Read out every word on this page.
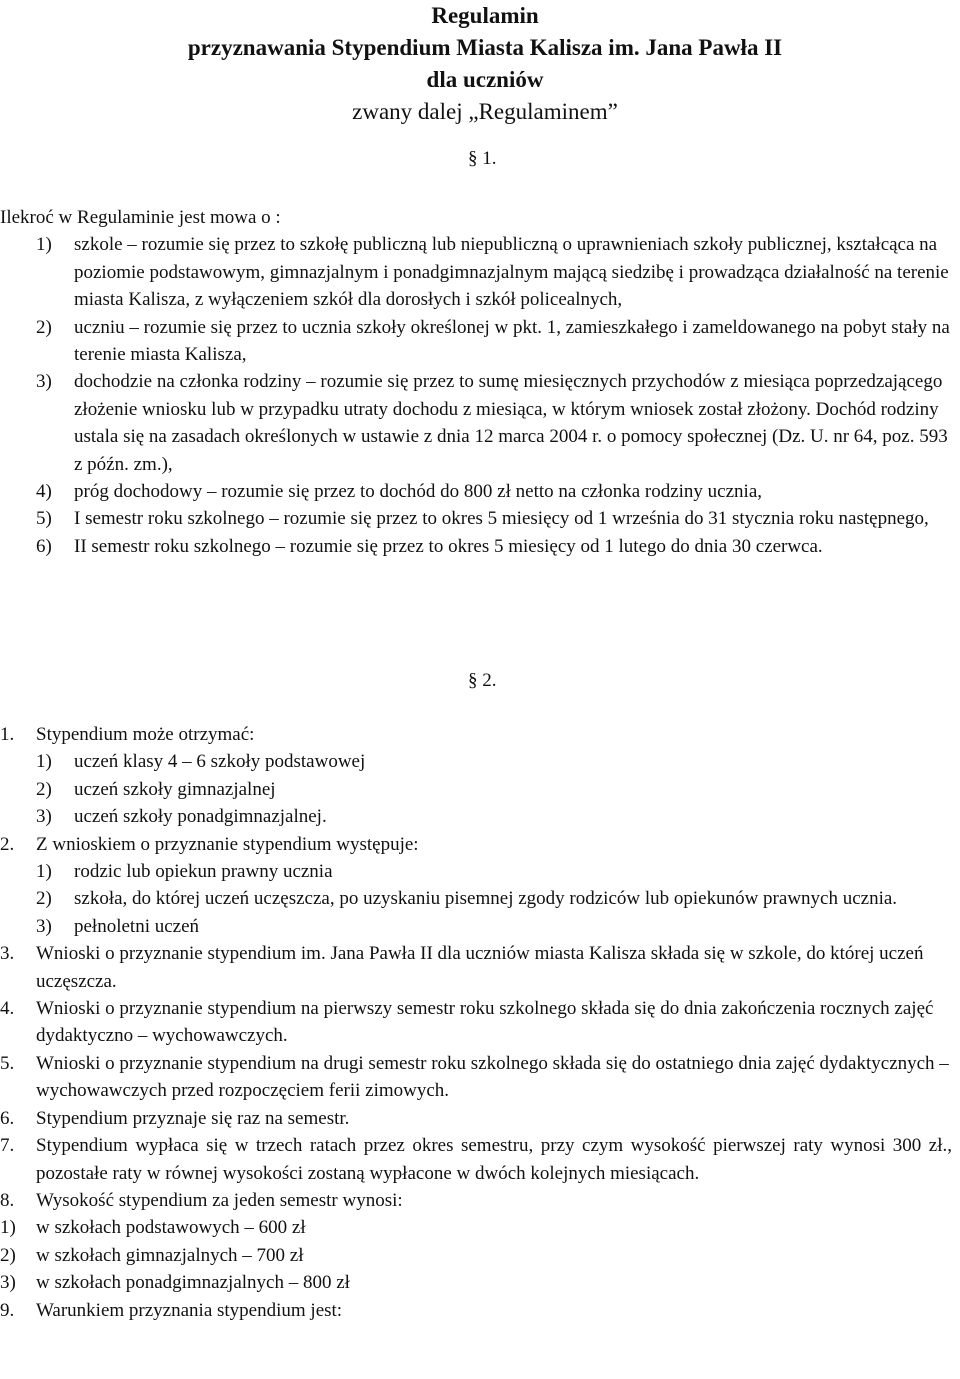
Regulamin
przyznawania Stypendium Miasta Kalisza im. Jana Pawła II
dla uczniów
zwany dalej „Regulaminem”
§ 1.
Ilekroć w Regulaminie jest mowa o :
1) szkole – rozumie się przez to szkołę publiczną lub niepubliczną o uprawnieniach szkoły publicznej, kształcąca na poziomie podstawowym, gimnazjalnym i ponadgimnazjalnym mającą siedzibę i prowadząca działalność na terenie miasta Kalisza, z wyłączeniem szkół dla dorosłych i szkół policealnych,
2) uczniu – rozumie się przez to ucznia szkoły określonej w pkt. 1, zamieszkałego i zameldowanego na pobyt stały na terenie miasta Kalisza,
3) dochodzie na członka rodziny – rozumie się przez to sumę miesięcznych przychodów z miesiąca poprzedzającego złożenie wniosku lub w przypadku utraty dochodu z miesiąca, w którym wniosek został złożony. Dochód rodziny ustala się na zasadach określonych w ustawie z dnia 12 marca 2004 r. o pomocy społecznej (Dz. U. nr 64, poz. 593 z późn. zm.),
4) próg dochodowy – rozumie się przez to dochód do 800 zł netto na członka rodziny ucznia,
5) I semestr roku szkolnego – rozumie się przez to okres 5 miesięcy od 1 września do 31 stycznia roku następnego,
6) II semestr roku szkolnego – rozumie się przez to okres 5 miesięcy od 1 lutego do dnia 30 czerwca.
§ 2.
1. Stypendium może otrzymać:
1) uczeń klasy 4 – 6 szkoły podstawowej
2) uczeń szkoły gimnazjalnej
3) uczeń szkoły ponadgimnazjalnej.
2. Z wnioskiem o przyznanie stypendium występuje:
1) rodzic lub opiekun prawny ucznia
2) szkoła, do której uczeń uczęszcza, po uzyskaniu pisemnej zgody rodziców lub opiekunów prawnych ucznia.
3) pełnoletni uczeń
3. Wnioski o przyznanie stypendium im. Jana Pawła II dla uczniów miasta Kalisza składa się w szkole, do której uczeń uczęszcza.
4. Wnioski o przyznanie stypendium na pierwszy semestr roku szkolnego składa się do dnia zakończenia rocznych zajęć dydaktyczno – wychowawczych.
5. Wnioski o przyznanie stypendium na drugi semestr roku szkolnego składa się do ostatniego dnia zajęć dydaktycznych – wychowawczych przed rozpoczęciem ferii zimowych.
6. Stypendium przyznaje się raz na semestr.
7. Stypendium wypłaca się w trzech ratach przez okres semestru, przy czym wysokość pierwszej raty wynosi 300 zł., pozostałe raty w równej wysokości zostaną wypłacone w dwóch kolejnych miesiącach.
8. Wysokość stypendium za jeden semestr wynosi:
1) w szkołach podstawowych – 600 zł
2) w szkołach gimnazjalnych – 700 zł
3) w szkołach ponadgimnazjalnych – 800 zł
9. Warunkiem przyznania stypendium jest:
